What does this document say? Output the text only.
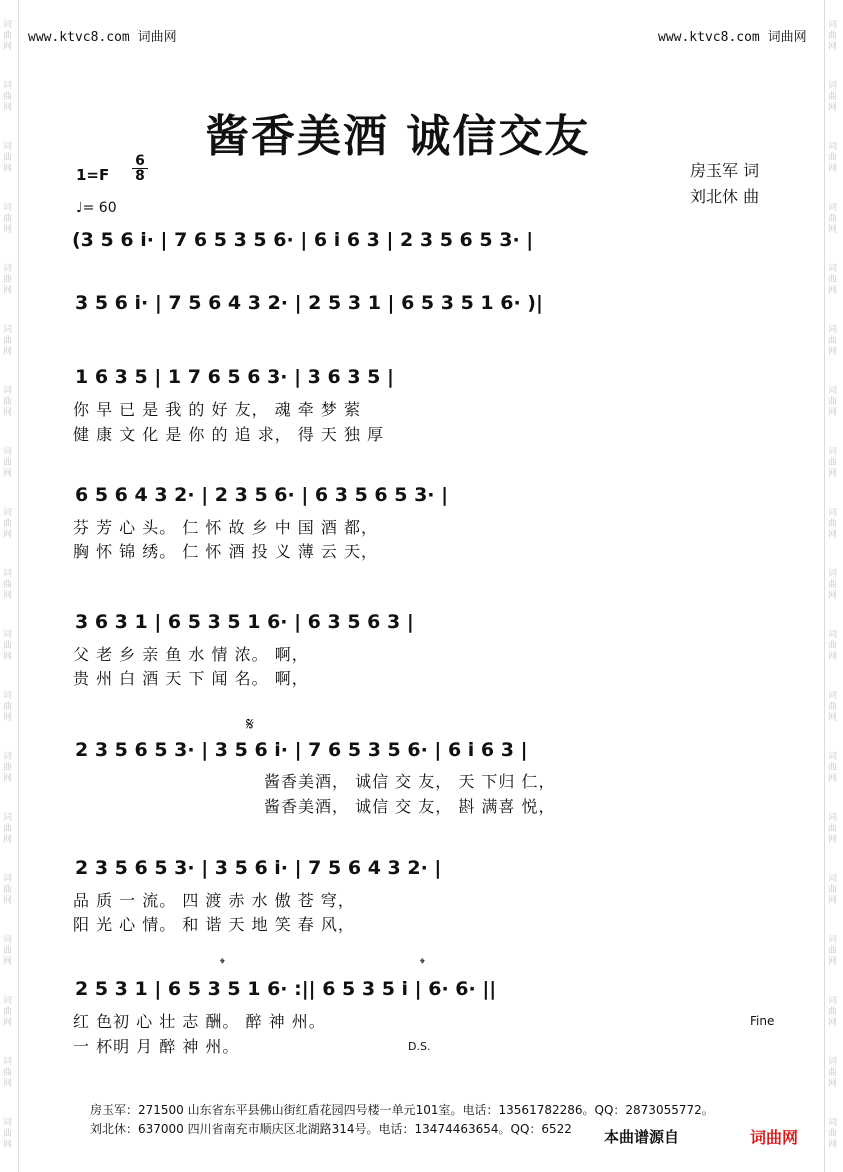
词
曲
网
词
曲
网
词
曲
网
词
曲
网
词
曲
网
词
曲
网
词
曲
网
词
曲
网
词
曲
网
词
曲
网
词
曲
网
词
曲
网
词
曲
网
词
曲
网
词
曲
网
词
曲
网
词
曲
网
词
曲
网
词
曲
网
词
曲
网
词
曲
网
词
曲
网
词
曲
网
词
曲
网
词
曲
网
词
曲
网
词
曲
网
词
曲
网
词
曲
网
词
曲
网
词
曲
网
词
曲
网
词
曲
网
词
曲
网
词
曲
网
词
曲
网
词
曲
网
词
曲
网
www.ktvc8.com 词曲网	www.ktvc8.com 词曲网
酱香美酒 诚信交友
1=F
6
8
♩= 60
房玉军 词
刘北休 曲
(3 5 6 i· | 7 6 5 3 5 6· | 6 i 6 3 | 2 3 5 6 5 3· |
3 5 6 i· | 7 5 6 4 3 2· | 2 5 3 1 | 6 5 3 5 1 6· )|
1 6 3 5 | 1 7 6 5 6 3· | 3 6 3 5 |
你 早 已 是 我 的 好 友， 魂 牵 梦 萦
健 康 文 化 是 你 的 追 求， 得 天 独 厚
6 5 6 4 3 2· | 2 3 5 6· | 6 3 5 6 5 3· |
芬 芳 心 头。 仁 怀 故 乡 中 国 酒 都，
胸 怀 锦 绣。 仁 怀 酒 投 义 薄 云 天，
3 6 3 1 | 6 5 3 5 1 6· | 6 3 5 6 3 |
父 老 乡 亲 鱼 水 情 浓。 啊，
贵 州 白 酒 天 下 闻 名。 啊，
𝄋
2 3 5 6 5 3· | 3 5 6 i· | 7 6 5 3 5 6· | 6 i 6 3 |
酱香美酒， 诚信 交 友， 天 下归 仁，
酱香美酒， 诚信 交 友， 斟 满喜 悦，
2 3 5 6 5 3· | 3 5 6 i· | 7 5 6 4 3 2· |
品 质 一 流。 四 渡 赤 水 傲 苍 穹，
阳 光 心 情。 和 谐 天 地 笑 春 风，
𝄌	𝄌
2 5 3 1 | 6 5 3 5 1 6· :|| 6 5 3 5 i | 6· 6· ||
Fine
红 色初 心 壮 志 酬。 醉 神 州。
一 杯明 月 醉 神 州。	D.S.
房玉军：271500 山东省东平县佛山街红盾花园四号楼一单元101室。电话：13561782286。QQ：2873055772。
刘北休：637000 四川省南充市顺庆区北湖路314号。电话：13474463654。QQ：6522 本曲谱源自	词曲网
